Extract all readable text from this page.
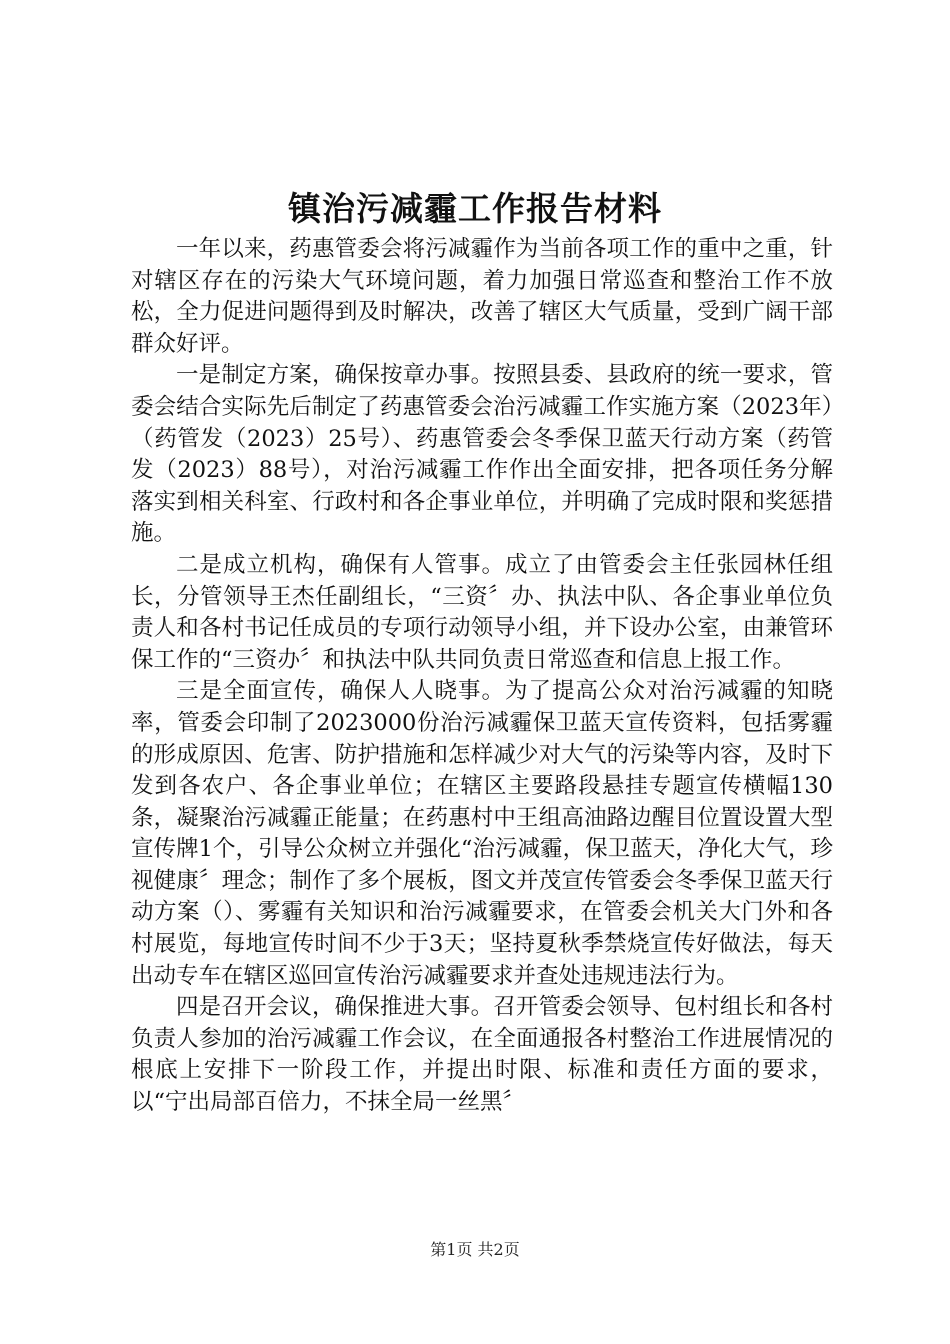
镇治污减霾工作报告材料

一年以来，药惠管委会将污减霾作为当前各项工作的重中之重，针对辖区存在的污染大气环境问题，着力加强日常巡查和整治工作不放松，全力促进问题得到及时解决，改善了辖区大气质量，受到广阔干部群众好评。

一是制定方案，确保按章办事。按照县委、县政府的统一要求，管委会结合实际先后制定了药惠管委会治污减霾工作实施方案（2023年）（药管发（2023）25号）、药惠管委会冬季保卫蓝天行动方案（药管发（2023）88号），对治污减霾工作作出全面安排，把各项任务分解落实到相关科室、行政村和各企事业单位，并明确了完成时限和奖惩措施。

二是成立机构，确保有人管事。成立了由管委会主任张园林任组长，分管领导王杰任副组长，“三资〞办、执法中队、各企事业单位负责人和各村书记任成员的专项行动领导小组，并下设办公室，由兼管环保工作的“三资办〞和执法中队共同负责日常巡查和信息上报工作。

三是全面宣传，确保人人晓事。为了提高公众对治污减霾的知晓率，管委会印制了2023000份治污减霾保卫蓝天宣传资料，包括雾霾的形成原因、危害、防护措施和怎样减少对大气的污染等内容，及时下发到各农户、各企事业单位；在辖区主要路段悬挂专题宣传横幅130条，凝聚治污减霾正能量；在药惠村中王组高油路边醒目位置设置大型宣传牌1个，引导公众树立并强化“治污减霾，保卫蓝天，净化大气，珍视健康〞理念；制作了多个展板，图文并茂宣传管委会冬季保卫蓝天行动方案（）、雾霾有关知识和治污减霾要求，在管委会机关大门外和各村展览，每地宣传时间不少于3天；坚持夏秋季禁烧宣传好做法，每天出动专车在辖区巡回宣传治污减霾要求并查处违规违法行为。

四是召开会议，确保推进大事。召开管委会领导、包村组长和各村负责人参加的治污减霾工作会议，在全面通报各村整治工作进展情况的根底上安排下一阶段工作，并提出时限、标准和责任方面的要求，以“宁出局部百倍力，不抹全局一丝黑〞

第1页 共2页
